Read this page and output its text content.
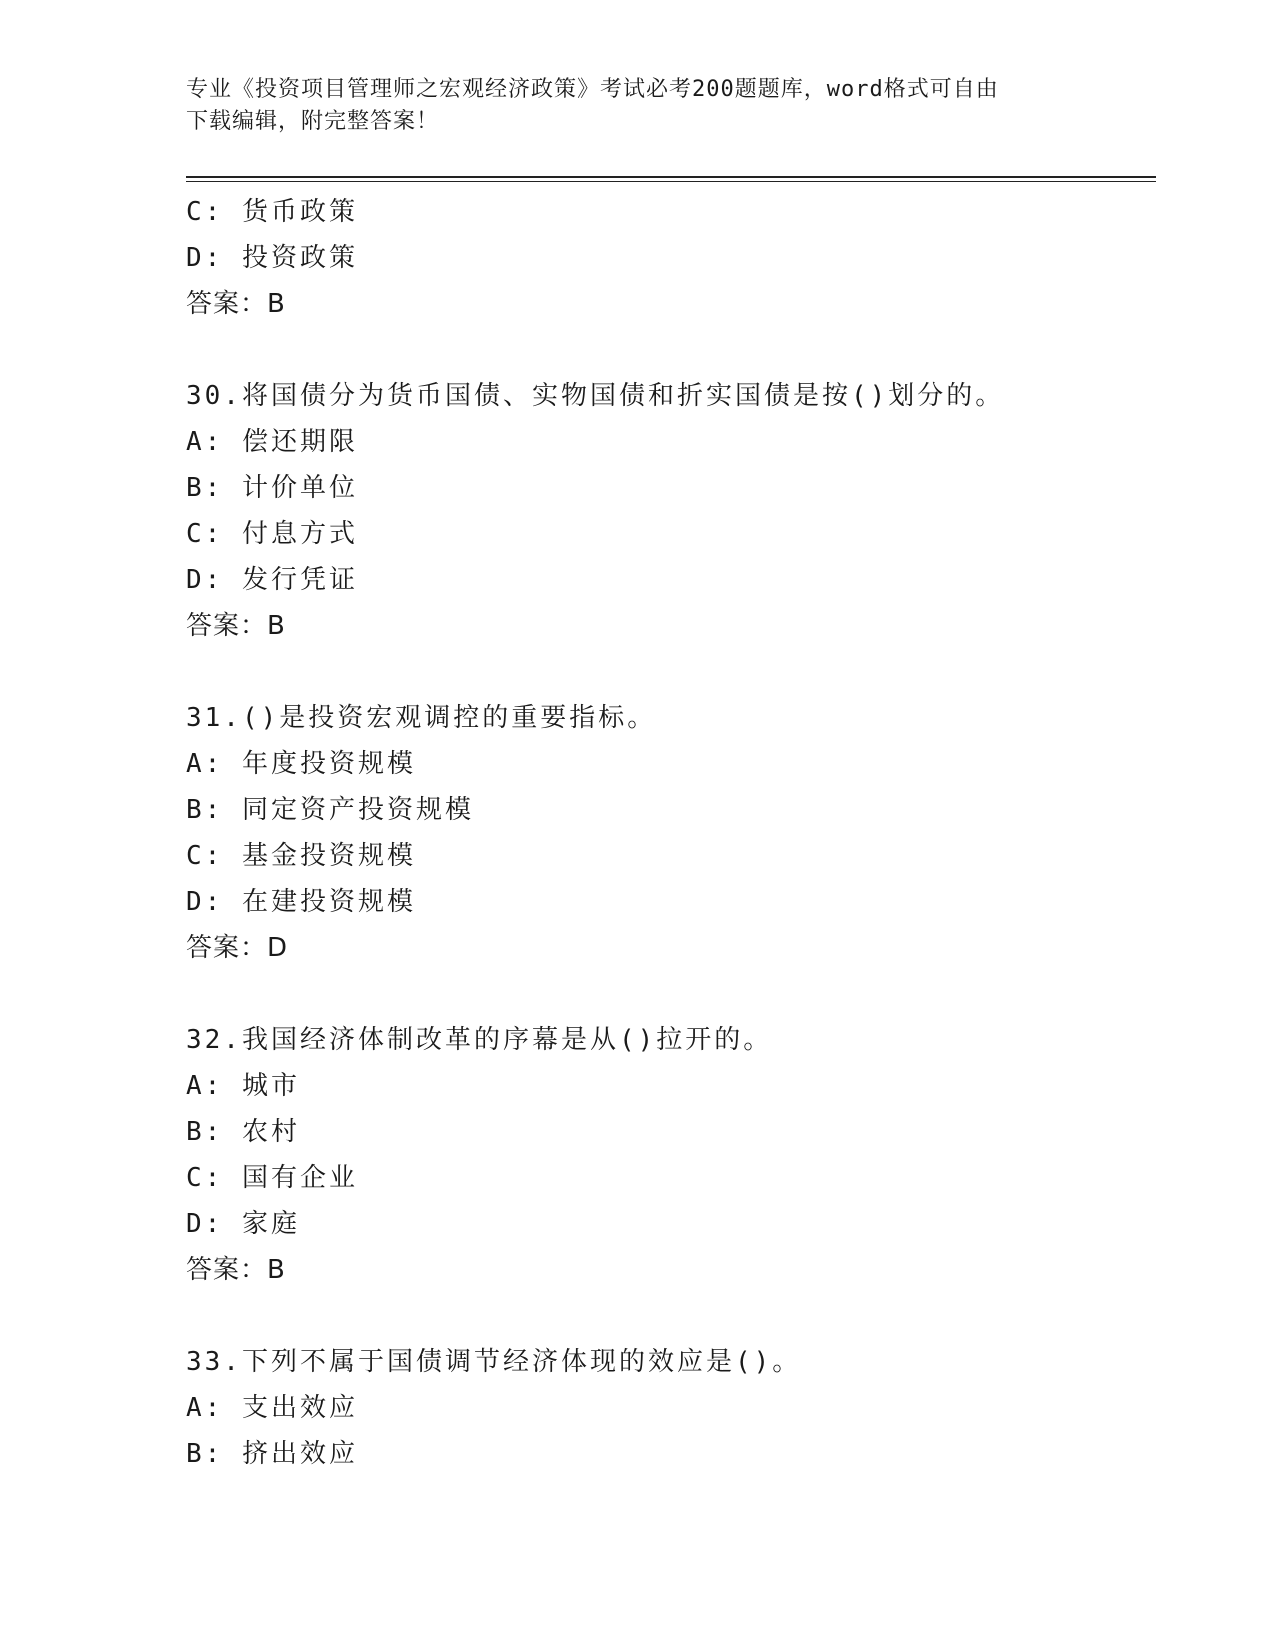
专业《投资项目管理师之宏观经济政策》考试必考200题题库，word格式可自由
下载编辑，附完整答案！
C: 货币政策
D: 投资政策
答案：B
30.将国债分为货币国债、实物国债和折实国债是按()划分的。
A: 偿还期限
B: 计价单位
C: 付息方式
D: 发行凭证
答案：B
31.()是投资宏观调控的重要指标。
A: 年度投资规模
B: 同定资产投资规模
C: 基金投资规模
D: 在建投资规模
答案：D
32.我国经济体制改革的序幕是从()拉开的。
A: 城市
B: 农村
C: 国有企业
D: 家庭
答案：B
33.下列不属于国债调节经济体现的效应是()。
A: 支出效应
B: 挤出效应
